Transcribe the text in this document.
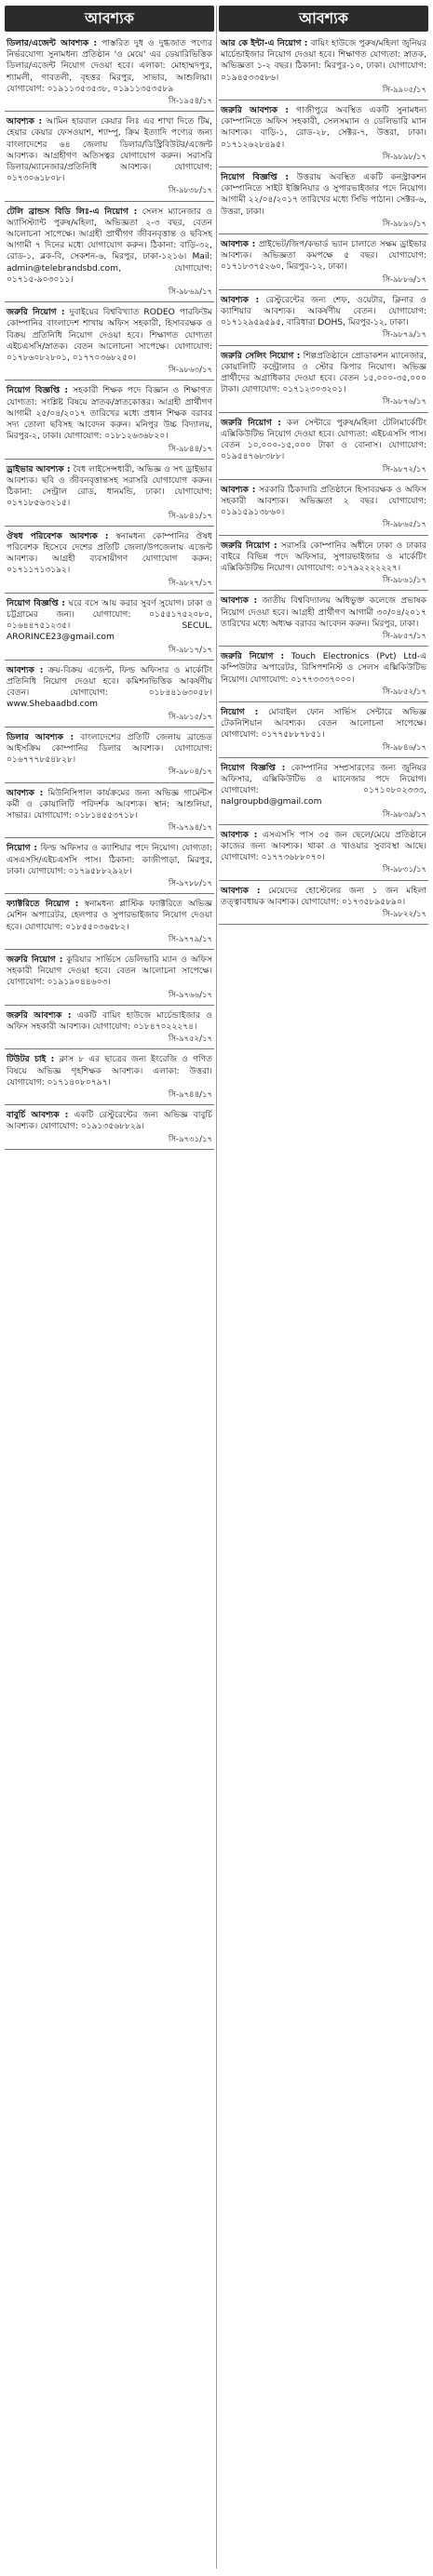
আবশ্যক
ডিলার/এজেন্ট আবশ্যক : পাস্তরিত দুধ ও দুগ্ধজাত পণ্যের নির্ভরযোগ্য সুনামধন্য প্রতিষ্ঠান 'ও মেয়ে' এর ডেয়ারিভিত্তিক ডিলার/এজেন্ট নিয়োগ দেওয়া হবে। এলাকা: মোহাম্মদপুর, শ্যামলী, গাবতলী, বৃহত্তর মিরপুর, সাভার, আশুলিয়া। যোগাযোগ: ০১৯১১৩৫৩৫৩৮, ০১৯১১৩৫৩৫৮৯
সি-১৯৫৪/১৭
আবশ্যক : আমিন হারবাল কেয়ার লিঃ এর শাখা দিতে টিম, হেয়ার কেয়ার ফেসওয়াশ, শ্যাম্পু, ক্রিম ইত্যাদি পণ্যের জন্য বাংলাদেশের ৬৪ জেলায় ডিলার/ডিস্ট্রিবিউটর/এজেন্ট আবশ্যক। আগ্রহীগণ অতিসত্বর যোগাযোগ করুন। সরাসরি ডিলার/ম্যানেজার/প্রতিনিধি আবশ্যক। যোগাযোগ: ০১৭৩০৬১৮০৮।
সি-৯৮৩৮/১৭
টেলি ব্রান্ডস বিডি লিঃ-এ নিয়োগ : সেলস ম্যানেজার ও অ্যাসিস্ট্যান্ট পুরুষ/মহিলা, অভিজ্ঞতা ২-৩ বছর, বেতন আলোচনা সাপেক্ষে। আগ্রহী প্রার্থীগণ জীবনবৃত্তান্ত ও ছবিসহ আগামী ৭ দিনের মধ্যে যোগাযোগ করুন। ঠিকানা: বাড়ি-৩২, রোড-১, ব্লক-বি, সেকশন-৬, মিরপুর, ঢাকা-১২১৬। Mail: admin@telebrandsbd.com, যোগাযোগ: ০১৭১৫-৯০৩০১১।
সি-৯৮৬৯/১৭
জরুরি নিয়োগ : দুবাইয়ের বিশ্ববিখ্যাত RODEO পারফিউম কোম্পানির বাংলাদেশ শাখায় অফিস সহকারী, হিসাবরক্ষক ও বিক্রয় প্রতিনিধি নিয়োগ দেওয়া হবে। শিক্ষাগত যোগ্যতা এইচএসসি/স্নাতক। বেতন আলোচনা সাপেক্ষে। যোগাযোগ: ০১৭৮৬০৮২৮০১, ০১৭৭০৩৬৮২৫০।
সি-৯৮৬৩/১৭
নিয়োগ বিজ্ঞপ্তি : সহকারী শিক্ষক পদে বিজ্ঞান ও শিক্ষাগত যোগ্যতা: সংশ্লিষ্ট বিষয়ে স্নাতক/স্নাতকোত্তর। আগ্রহী প্রার্থীগণ আগামী ২৫/০৪/২০১৭ তারিখের মধ্যে প্রধান শিক্ষক বরাবর সদ্য তোলা ছবিসহ আবেদন করুন। মনিপুর উচ্চ বিদ্যালয়, মিরপুর-২, ঢাকা। যোগাযোগ: ০১৮১২৬৩৬৮২০।
সি-৯৮৪৪/১৭
ড্রাইভার আবশ্যক : বৈধ লাইসেন্সধারী, অভিজ্ঞ ও সৎ ড্রাইভার আবশ্যক। ছবি ও জীবনবৃত্তান্তসহ সরাসরি যোগাযোগ করুন। ঠিকানা: সেন্ট্রাল রোড, ধানমন্ডি, ঢাকা। যোগাযোগ: ০১৭১৮৫৬৩২১৫।
সি-৯৮৪১/১৭
ঔষধ পরিবেশক আবশ্যক : স্বনামধন্য কোম্পানির ঔষধ পরিবেশক হিসেবে দেশের প্রতিটি জেলা/উপজেলায় এজেন্ট আবশ্যক। আগ্রহী ব্যবসায়ীগণ যোগাযোগ করুন: ০১৭১১৭১৩১৯২।
সি-৯৮২৭/১৭
নিয়োগ বিজ্ঞপ্তি : ঘরে বসে আয় করার সুবর্ণ সুযোগ। ঢাকা ও চট্টগ্রামের জন্য। যোগাযোগ: ০১৫৫১৭৫২০৮০, ০১৬৪৪৭৫১২৩৫। SECUL. ARORINCE23@gmail.com
সি-৯৮১৭/১৭
আবশ্যক : ক্রয়-বিক্রয় এজেন্ট, ফিল্ড অফিসার ও মার্কেটিং প্রতিনিধি নিয়োগ দেওয়া হবে। কমিশনভিত্তিক আকর্ষণীয় বেতন। যোগাযোগ: ০১৮৪৪১৬৩০৫৮। www.Shebaadbd.com
সি-৯৮১৫/১৭
ডিলার আবশ্যক : বাংলাদেশের প্রতিটি জেলায় ব্রান্ডেড আইসক্রিম কোম্পানির ডিলার আবশ্যক। যোগাযোগ: ০১৬৭৭৭৮৫৪৮২৮।
সি-৯৮০৪/১৭
আবশ্যক : মিউনিসিপাল কার্যক্রমের জন্য অভিজ্ঞ গার্মেন্টস কর্মী ও কোয়ালিটি পরিদর্শক আবশ্যক। স্থান: আশুলিয়া, সাভার। যোগাযোগ: ০১৮১৪৫৫৩৭১৮।
সি-৯৭৯৪/১৭
নিয়োগ : ফিল্ড অফিসার ও ক্যাশিয়ার পদে নিয়োগ। যোগ্যতা: এসএসসি/এইচএসসি পাস। ঠিকানা: কাজীপাড়া, মিরপুর, ঢাকা। যোগাযোগ: ০১৭৯৫৮৮২৯২৮।
সি-৯৭৮৮/১৭
ফ্যাক্টরিতে নিয়োগ : স্বনামধন্য প্লাস্টিক ফ্যাক্টরিতে অভিজ্ঞ মেশিন অপারেটর, হেলপার ও সুপারভাইজার নিয়োগ দেওয়া হবে। যোগাযোগ: ০১৮৫৫০৩৬৫৮২।
সি-৯৭৭৯/১৭
জরুরি নিয়োগ : কুরিয়ার সার্ভিসে ডেলিভারি ম্যান ও অফিস সহকারী নিয়োগ দেওয়া হবে। বেতন আলোচনা সাপেক্ষে। যোগাযোগ: ০১৯১৯০৪৪৬০৩।
সি-৯৭৬৬/১৭
জরুরি আবশ্যক : একটি বায়িং হাউজে মার্চেন্ডাইজার ও অফিস সহকারী আবশ্যক। যোগাযোগ: ০১৮৪৭০২২২৭৪।
সি-৯৭৫২/১৭
টিউটর চাই : ক্লাস ৮ এর ছাত্রের জন্য ইংরেজি ও গণিত বিষয়ে অভিজ্ঞ গৃহশিক্ষক আবশ্যক। এলাকা: উত্তরা। যোগাযোগ: ০১৭১৪০৮০৭৯৭।
সি-৯৭৪৪/১৭
বাবুর্চি আবশ্যক : একটি রেস্টুরেন্টের জন্য অভিজ্ঞ বাবুর্চি আবশ্যক। যোগাযোগ: ০১৯১৩৫৬৮৮২৯।
সি-৯৭৩১/১৭
আবশ্যক
আর কে ইন্টা-এ নিয়োগ : বায়িং হাউজে পুরুষ/মহিলা জুনিয়র মার্চেন্ডাইজার নিয়োগ দেওয়া হবে। শিক্ষাগত যোগ্যতা: স্নাতক, অভিজ্ঞতা ১-২ বছর। ঠিকানা: মিরপুর-১০, ঢাকা। যোগাযোগ: ০১৯৪৫৩৩৫৮৬।
সি-৯৯০৫/১৭
জরুরি আবশ্যক : গাজীপুরে অবস্থিত একটি সুনামধন্য কোম্পানিতে অফিস সহকারী, সেলসম্যান ও ডেলিভারি ম্যান আবশ্যক। বাড়ি-১, রোড-২৮, সেক্টর-৭, উত্তরা, ঢাকা। ০১৭১২৬২৮৪৯৫।
সি-৯৮৯৮/১৭
নিয়োগ বিজ্ঞপ্তি : উত্তরায় অবস্থিত একটি কনস্ট্রাকশন কোম্পানিতে সাইট ইঞ্জিনিয়ার ও সুপারভাইজার পদে নিয়োগ। আগামী ২২/০৪/২০১৭ তারিখের মধ্যে সিভি পাঠান। সেক্টর-৬, উত্তরা, ঢাকা।
সি-৯৮৯০/১৭
আবশ্যক : প্রাইভেট/জিপ/কভার্ড ভ্যান চালাতে সক্ষম ড্রাইভার আবশ্যক। অভিজ্ঞতা কমপক্ষে ৫ বছর। যোগাযোগ: ০১৭১৮৩৭৫২৬০, মিরপুর-১২, ঢাকা।
সি-৯৮৮৬/১৭
আবশ্যক : রেস্টুরেন্টের জন্য শেফ, ওয়েটার, ক্লিনার ও ক্যাশিয়ার আবশ্যক। আকর্ষণীয় বেতন। যোগাযোগ: ০১৭১২৯৫৯৫৯৫, বারিধারা DOHS, মিরপুর-১২, ঢাকা।
সি-৯৮৭৯/১৭
জরুরি সেলিং নিয়োগ : শিল্পপ্রতিষ্ঠানে প্রোডাকশন ম্যানেজার, কোয়ালিটি কন্ট্রোলার ও স্টোর কিপার নিয়োগ। অভিজ্ঞ প্রার্থীদের অগ্রাধিকার দেওয়া হবে। বেতন ১৫,০০০-৩৫,০০০ টাকা। যোগাযোগ: ০১৭১২৩০৩২০১।
সি-৯৮৭৬/১৭
জরুরি নিয়োগ : কল সেন্টারে পুরুষ/মহিলা টেলিমার্কেটিং এক্সিকিউটিভ নিয়োগ দেওয়া হবে। যোগ্যতা: এইচএসসি পাস। বেতন ১০,০০০-১৫,০০০ টাকা ও বোনাস। যোগাযোগ: ০১৯৫৪৭৬৮৩৮৮।
সি-৯৮৭২/১৭
আবশ্যক : সরকারি ঠিকাদারি প্রতিষ্ঠানে হিসাবরক্ষক ও অফিস সহকারী আবশ্যক। অভিজ্ঞতা ২ বছর। যোগাযোগ: ০১৯১৫৯১৩৮৬০।
সি-৯৮৬৫/১৭
জরুরি নিয়োগ : সরাসরি কোম্পানির অধীনে ঢাকা ও ঢাকার বাইরে বিভিন্ন পদে অফিসার, সুপারভাইজার ও মার্কেটিং এক্সিকিউটিভ নিয়োগ। যোগাযোগ: ০১৭৯২২২২২২৭।
সি-৯৮৬১/১৭
আবশ্যক : জাতীয় বিশ্ববিদ্যালয় অধিভুক্ত কলেজে প্রভাষক নিয়োগ দেওয়া হবে। আগ্রহী প্রার্থীগণ আগামী ৩০/০৪/২০১৭ তারিখের মধ্যে অধ্যক্ষ বরাবর আবেদন করুন। মিরপুর, ঢাকা।
সি-৯৮৫৭/১৭
জরুরি নিয়োগ : Touch Electronics (Pvt) Ltd-এ কম্পিউটার অপারেটর, রিসিপশনিস্ট ও সেলস এক্সিকিউটিভ নিয়োগ। যোগাযোগ: ০১৭৭৩৩৩৭০০০।
সি-৯৮৫২/১৭
নিয়োগ : মোবাইল ফোন সার্ভিস সেন্টারে অভিজ্ঞ টেকনিশিয়ান আবশ্যক। বেতন আলোচনা সাপেক্ষে। যোগাযোগ: ০১৭৭৫৮৮৭৮৫১।
সি-৯৮৪৬/১৭
নিয়োগ বিজ্ঞপ্তি : কোম্পানির সম্প্রসারণের জন্য জুনিয়র অফিসার, এক্সিকিউটিভ ও ম্যানেজার পদে নিয়োগ। যোগাযোগ: ০১৭১০৮০২৩৩৩, nalgroupbd@gmail.com
সি-৯৮৩৯/১৭
আবশ্যক : এসএসসি পাস ৩৫ জন ছেলে/মেয়ে প্রতিষ্ঠানে কাজের জন্য আবশ্যক। থাকা ও খাওয়ার সুব্যবস্থা আছে। যোগাযোগ: ০১৭৭৩৬৮৮০৭০।
সি-৯৮৩১/১৭
আবশ্যক : মেয়েদের হোস্টেলের জন্য ১ জন মহিলা তত্ত্বাবধায়ক আবশ্যক। যোগাযোগ: ০১৭৩৫৮৯৫৮৯০।
সি-৯৮২২/১৭
